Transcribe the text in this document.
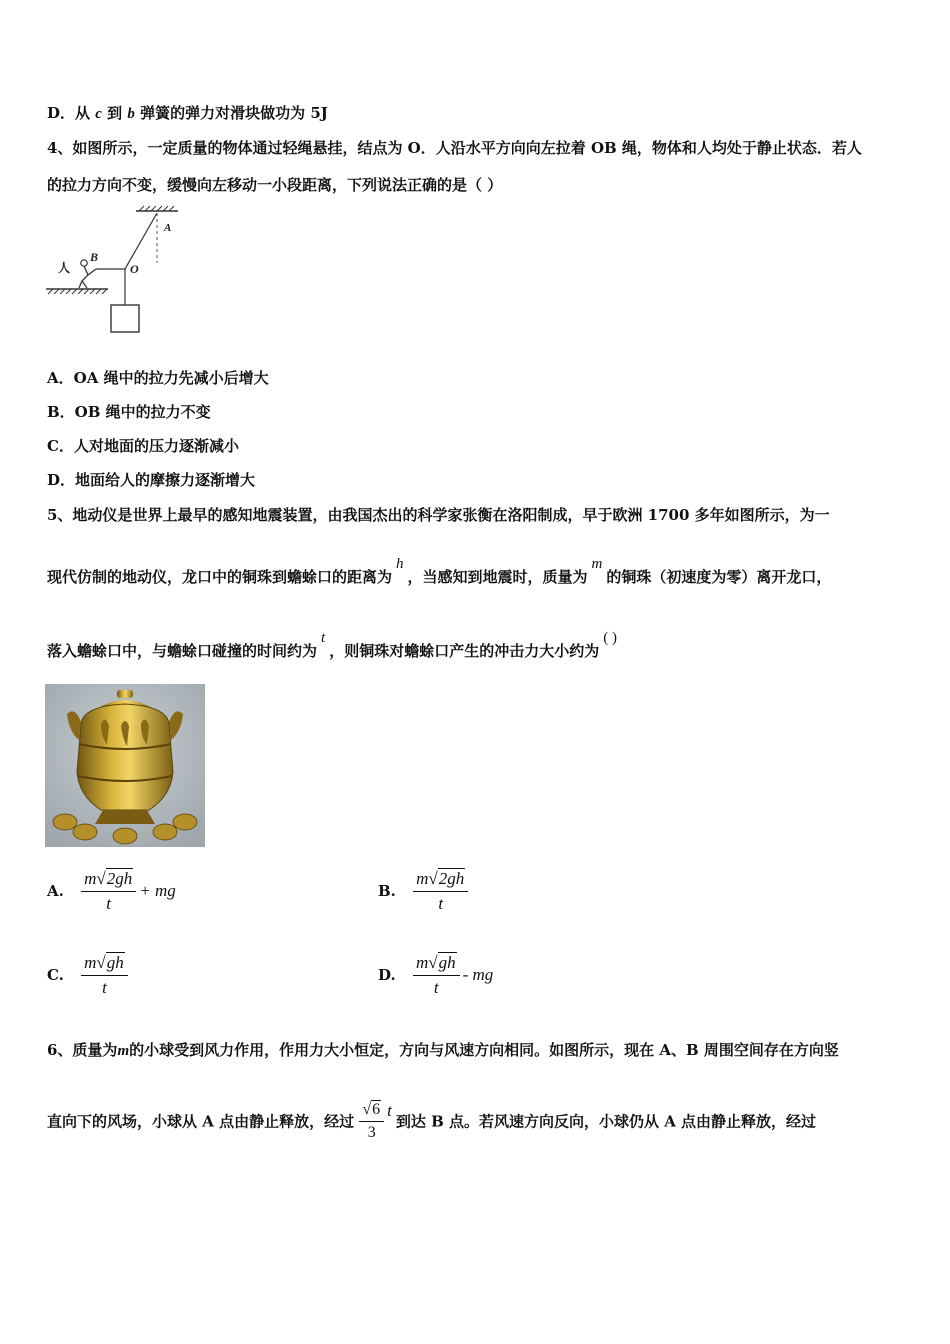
D．从 c 到 b 弹簧的弹力对滑块做功为 5J
4、如图所示，一定质量的物体通过轻绳悬挂，结点为 O．人沿水平方向向左拉着 OB 绳，物体和人均处于静止状态．若人
的拉力方向不变，缓慢向左移动一小段距离，下列说法正确的是（ ）
人
B
O
A
A．OA 绳中的拉力先减小后增大
B．OB 绳中的拉力不变
C．人对地面的压力逐渐减小
D．地面给人的摩擦力逐渐增大
5、地动仪是世界上最早的感知地震装置，由我国杰出的科学家张衡在洛阳制成，早于欧洲 1700 多年如图所示，为一
现代仿制的地动仪，龙口中的铜珠到蟾蜍口的距离为h，当感知到地震时，质量为m的铜珠（初速度为零）离开龙口，
落入蟾蜍口中，与蟾蜍口碰撞的时间约为t，则铜珠对蟾蜍口产生的冲击力大小约为( )
A. $\frac{m√2gh}{t}$ + mg	B. $\frac{m√2gh}{t}$
C. $\frac{m√gh}{t}$	D. $\frac{m√gh}{t}$ - mg
6、质量为m的小球受到风力作用，作用力大小恒定，方向与风速方向相同。如图所示，现在 A、B 周围空间存在方向竖
直向下的风场，小球从 A 点由静止释放，经过 $\frac{√6}{3}$ t到达 B 点。若风速方向反向，小球仍从 A 点由静止释放，经过
